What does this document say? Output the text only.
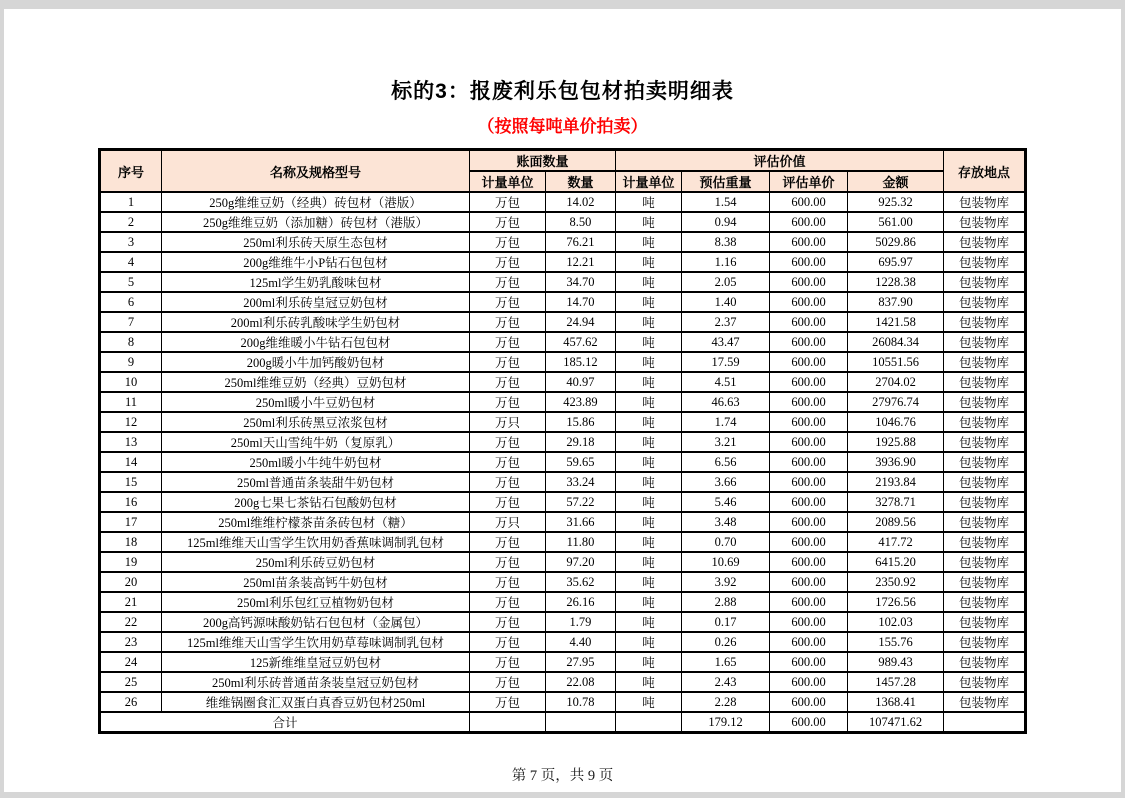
标的3：报废利乐包包材拍卖明细表
（按照每吨单价拍卖）
序号	名称及规格型号	账面数量		评估价值				存放地点
		计量单位	数量	计量单位	预估重量	评估单价	金额	
1	250g维维豆奶（经典）砖包材（港版）	万包	14.02	吨	1.54	600.00	925.32	包装物库
2	250g维维豆奶（添加糖）砖包材（港版）	万包	8.50	吨	0.94	600.00	561.00	包装物库
3	250ml利乐砖天原生态包材	万包	76.21	吨	8.38	600.00	5029.86	包装物库
4	200g维维牛小P钻石包包材	万包	12.21	吨	1.16	600.00	695.97	包装物库
5	125ml学生奶乳酸味包材	万包	34.70	吨	2.05	600.00	1228.38	包装物库
6	200ml利乐砖皇冠豆奶包材	万包	14.70	吨	1.40	600.00	837.90	包装物库
7	200ml利乐砖乳酸味学生奶包材	万包	24.94	吨	2.37	600.00	1421.58	包装物库
8	200g维维暖小牛钻石包包材	万包	457.62	吨	43.47	600.00	26084.34	包装物库
9	200g暖小牛加钙酸奶包材	万包	185.12	吨	17.59	600.00	10551.56	包装物库
10	250ml维维豆奶（经典）豆奶包材	万包	40.97	吨	4.51	600.00	2704.02	包装物库
11	250ml暖小牛豆奶包材	万包	423.89	吨	46.63	600.00	27976.74	包装物库
12	250ml利乐砖黑豆浓浆包材	万只	15.86	吨	1.74	600.00	1046.76	包装物库
13	250ml天山雪纯牛奶（复原乳）	万包	29.18	吨	3.21	600.00	1925.88	包装物库
14	250ml暖小牛纯牛奶包材	万包	59.65	吨	6.56	600.00	3936.90	包装物库
15	250ml普通苗条装甜牛奶包材	万包	33.24	吨	3.66	600.00	2193.84	包装物库
16	200g七果七茶钻石包酸奶包材	万包	57.22	吨	5.46	600.00	3278.71	包装物库
17	250ml维维柠檬茶苗条砖包材（糖）	万只	31.66	吨	3.48	600.00	2089.56	包装物库
18	125ml维维天山雪学生饮用奶香蕉味调制乳包材	万包	11.80	吨	0.70	600.00	417.72	包装物库
19	250ml利乐砖豆奶包材	万包	97.20	吨	10.69	600.00	6415.20	包装物库
20	250ml苗条装高钙牛奶包材	万包	35.62	吨	3.92	600.00	2350.92	包装物库
21	250ml利乐包红豆植物奶包材	万包	26.16	吨	2.88	600.00	1726.56	包装物库
22	200g高钙源味酸奶钻石包包材（金属包）	万包	1.79	吨	0.17	600.00	102.03	包装物库
23	125ml维维天山雪学生饮用奶草莓味调制乳包材	万包	4.40	吨	0.26	600.00	155.76	包装物库
24	125新维维皇冠豆奶包材	万包	27.95	吨	1.65	600.00	989.43	包装物库
25	250ml利乐砖普通苗条装皇冠豆奶包材	万包	22.08	吨	2.43	600.00	1457.28	包装物库
26	维维锅圈食汇双蛋白真香豆奶包材250ml	万包	10.78	吨	2.28	600.00	1368.41	包装物库
合计					179.12	600.00	107471.62	
第 7 页，共 9 页
